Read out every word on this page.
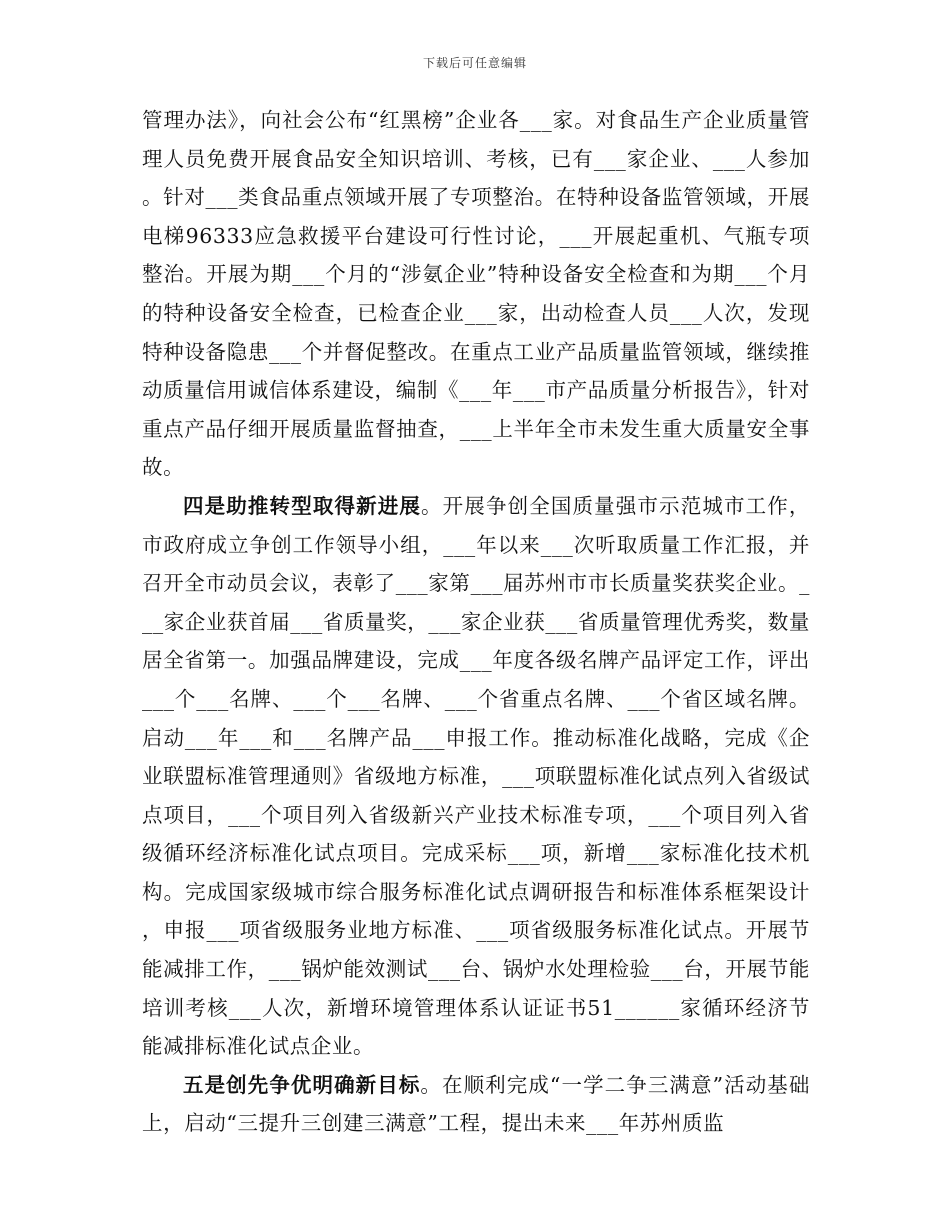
下载后可任意编辑

管理办法》，向社会公布“红黑榜”企业各___家。对食品生产企业质量管理人员免费开展食品安全知识培训、考核，已有___家企业、___人参加。针对___类食品重点领域开展了专项整治。在特种设备监管领域，开展电梯96333应急救援平台建设可行性讨论，___开展起重机、气瓶专项整治。开展为期___个月的“涉氨企业”特种设备安全检查和为期___个月的特种设备安全检查，已检查企业___家，出动检查人员___人次，发现特种设备隐患___个并督促整改。在重点工业产品质量监管领域，继续推动质量信用诚信体系建设，编制《___年___市产品质量分析报告》，针对重点产品仔细开展质量监督抽查，___上半年全市未发生重大质量安全事故。

四是助推转型取得新进展。开展争创全国质量强市示范城市工作，市政府成立争创工作领导小组，___年以来___次听取质量工作汇报，并召开全市动员会议，表彰了___家第___届苏州市市长质量奖获奖企业。___家企业获首届___省质量奖，___家企业获___省质量管理优秀奖，数量居全省第一。加强品牌建设，完成___年度各级名牌产品评定工作，评出___个___名牌、___个___名牌、___个省重点名牌、___个省区域名牌。启动___年___和___名牌产品___申报工作。推动标准化战略，完成《企业联盟标准管理通则》省级地方标准，___项联盟标准化试点列入省级试点项目，___个项目列入省级新兴产业技术标准专项，___个项目列入省级循环经济标准化试点项目。完成采标___项，新增___家标准化技术机构。完成国家级城市综合服务标准化试点调研报告和标准体系框架设计，申报___项省级服务业地方标准、___项省级服务标准化试点。开展节能减排工作，___锅炉能效测试___台、锅炉水处理检验___台，开展节能培训考核___人次，新增环境管理体系认证证书51______家循环经济节能减排标准化试点企业。

五是创先争优明确新目标。在顺利完成“一学二争三满意”活动基础上，启动“三提升三创建三满意”工程，提出未来___年苏州质监
